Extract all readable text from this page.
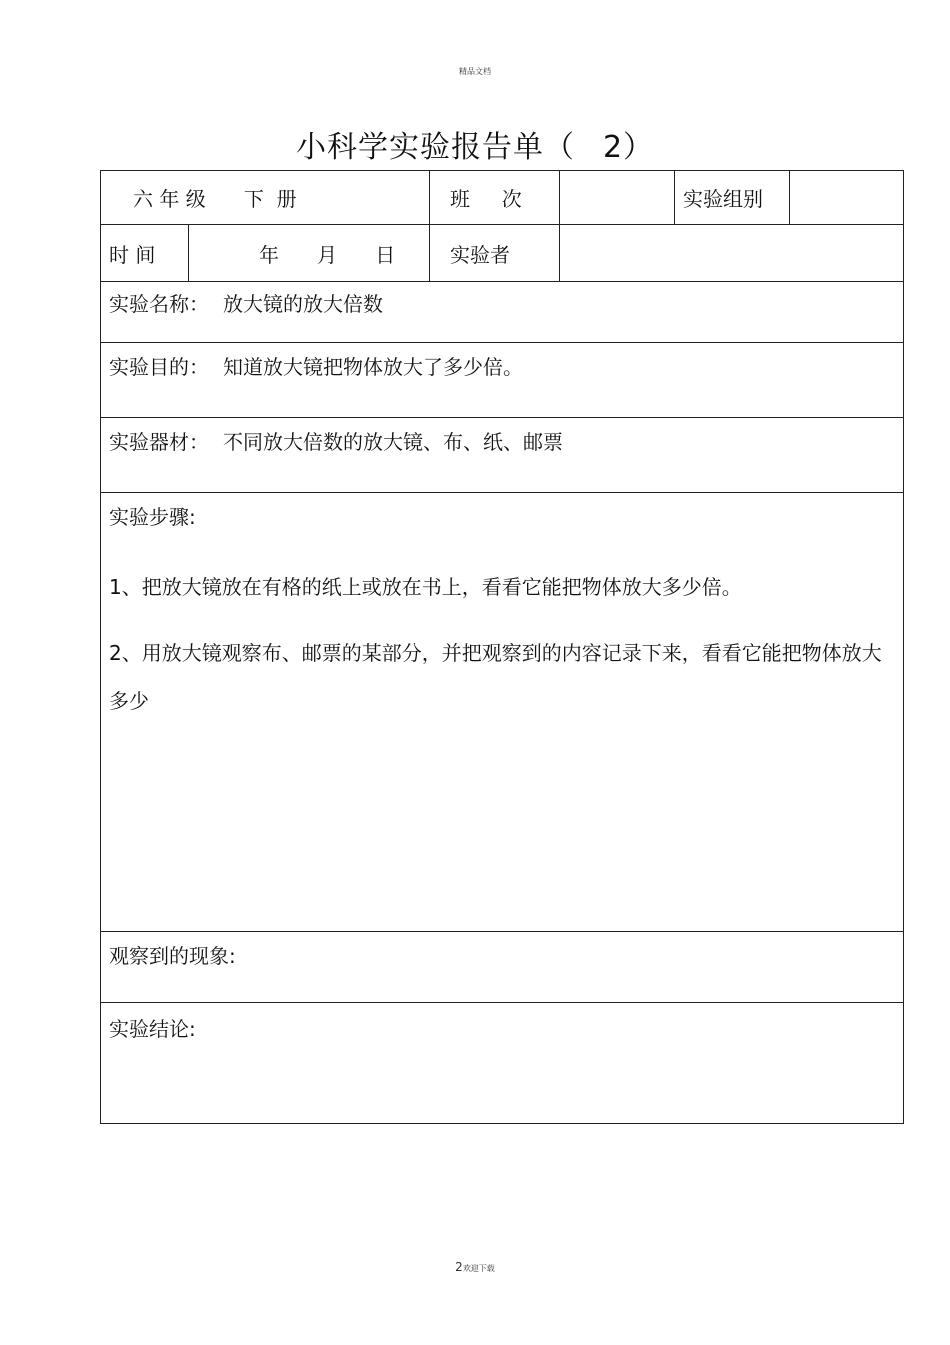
精品文档
小科学实验报告单（ 2）
六 年 级      下  册		班     次		实验组别	
时 间	年      月      日	实验者			

实验名称： 放大镜的放大倍数					

实验目的： 知道放大镜把物体放大了多少倍。					

实验器材： 不同放大倍数的放大镜、布、纸、邮票					

实验步骤:
1、把放大镜放在有格的纸上或放在书上，看看它能把物体放大多少倍。
2、用放大镜观察布、邮票的某部分，并把观察到的内容记录下来，看看它能把物体放大多少					

观察到的现象:					

实验结论:					
2欢迎下载
